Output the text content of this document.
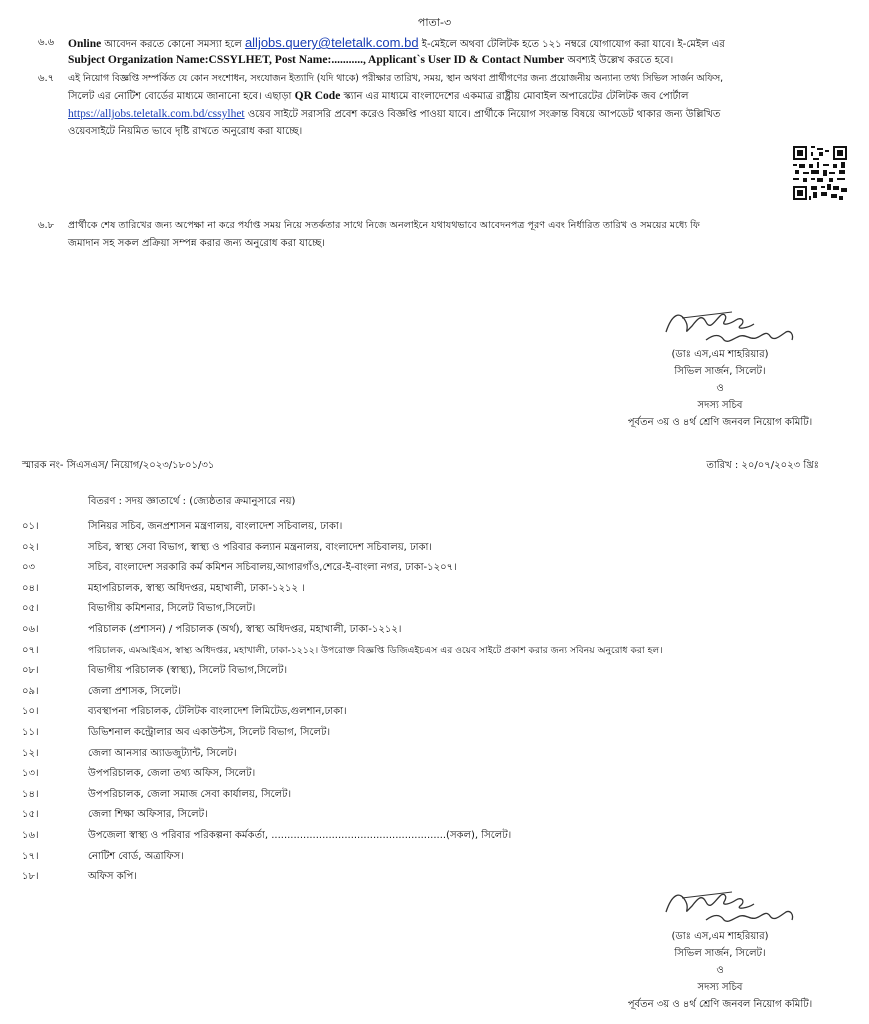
পাতা-৩
৬.৬ Online আবেদন করতে কোনো সমস্যা হলে alljobs.query@teletalk.com.bd ই-মেইলে অথবা টেলিটক হতে ১২১ নম্বরে যোগাযোগ করা যাবে। ই-মেইল এর
Subject Organization Name:CSSYLHET, Post Name:..........., Applicant`s User ID & Contact Number অবশ্যই উল্লেখ করতে হবে।
৬.৭ এই নিয়োগ বিজ্ঞপ্তি সম্পর্কিত যে কোন সংশোধন, সংযোজন ইত্যাদি (যদি থাকে) পরীক্ষার তারিখ, সময়, স্থান অথবা প্রার্থীগণের জন্য প্রয়োজনীয় অন্যান্য তথ্য সিভিল সার্জন অফিস,
সিলেট এর নোটিশ বোর্ডের মাধ্যমে জানানো হবে। এছাড়া QR Code স্ক্যান এর মাধ্যমে বাংলাদেশের একমাত্র রাষ্ট্রীয় মোবাইল অপারেটের টেলিটক জব পোর্টাল
https://alljobs.teletalk.com.bd/cssylhet ওয়েব সাইটে সরাসরি প্রবেশ করেও বিজ্ঞপ্তি পাওয়া যাবে। প্রার্থীকে নিয়োগ সংক্রান্ত বিষয়ে আপডেট থাকার জন্য উল্লিখিত
ওয়েবসাইটে নিয়মিত ভাবে দৃষ্টি রাখতে অনুরোধ করা যাচ্ছে।
৬.৮ প্রার্থীকে শেষ তারিখের জন্য অপেক্ষা না করে পর্যাপ্ত সময় নিয়ে সতর্কতার সাথে নিজে অনলাইনে যথাযথভাবে আবেদনপত্র পূরণ এবং নির্ধারিত তারিখ ও সময়ের মধ্যে ফি
জমাদান সহ সকল প্রক্রিয়া সম্পন্ন করার জন্য অনুরোধ করা যাচ্ছে।
(ডাঃ এস,এম শাহরিয়ার)
সিভিল সার্জন, সিলেট।
ও
সদস্য সচিব
পূর্বতন ৩য় ও ৪র্থ শ্রেণি জনবল নিয়োগ কমিটি।
স্মারক নং- সিএসএস/ নিয়োগ/২০২৩/১৮০১/৩১	তারিখ : ২০/০৭/২০২৩ খ্রিঃ
বিতরণ : সদয় জ্ঞাতার্থে : (জ্যেষ্ঠতার ক্রমানুসারে নয়)
০১।	সিনিয়র সচিব, জনপ্রশাসন মন্ত্রণালয়, বাংলাদেশ সচিবালয়, ঢাকা।
০২।	সচিব, স্বাস্থ্য সেবা বিভাগ, স্বাস্থ্য ও পরিবার কল্যান মন্ত্রনালয়, বাংলাদেশ সচিবালয়, ঢাকা।
০৩	সচিব, বাংলাদেশ সরকারি কর্ম কমিশন সচিবালয়,আগারগাঁও,শেরে-ই-বাংলা নগর, ঢাকা-১২০৭।
০৪।	মহাপরিচালক, স্বাস্থ্য অধিদপ্তর, মহাখালী, ঢাকা-১২১২ ।
০৫।	বিভাগীয় কমিশনার, সিলেট বিভাগ,সিলেট।
০৬।	পরিচালক (প্রশাসন) / পরিচালক (অর্থ), স্বাস্থ্য অধিদপ্তর, মহাখালী, ঢাকা-১২১২।
০৭।	পরিচালক, এমআইএস, স্বাস্থ্য অধিদপ্তর, মহাখালী, ঢাকা-১২১২। উপরোক্ত বিজ্ঞপ্তি ডিজিএইচএস এর ওয়েব সাইটে প্রকাশ করার জন্য সবিনয় অনুরোধ করা হল।
০৮।	বিভাগীয় পরিচালক (স্বাস্থ্য), সিলেট বিভাগ,সিলেট।
০৯।	জেলা প্রশাসক, সিলেট।
১০।	ব্যবস্থাপনা পরিচালক, টেলিটক বাংলাদেশ লিমিটেড,গুলশান,ঢাকা।
১১।	ডিভিশনাল কন্ট্রোলার অব একাউন্টস, সিলেট বিভাগ, সিলেট।
১২।	জেলা আনসার অ্যাডজুট্যান্ট, সিলেট।
১৩।	উপপরিচালক, জেলা তথ্য অফিস, সিলেট।
১৪।	উপপরিচালক, জেলা সমাজ সেবা কার্যালয়, সিলেট।
১৫।	জেলা শিক্ষা অফিসার, সিলেট।
১৬।	উপজেলা স্বাস্থ্য ও পরিবার পরিকল্পনা কর্মকর্তা, .......................................................(সকল), সিলেট।
১৭।	নোটিশ বোর্ড, অত্রাফিস।
১৮।	অফিস কপি।
(ডাঃ এস,এম শাহরিয়ার)
সিভিল সার্জন, সিলেট।
ও
সদস্য সচিব
পূর্বতন ৩য় ও ৪র্থ শ্রেণি জনবল নিয়োগ কমিটি।
